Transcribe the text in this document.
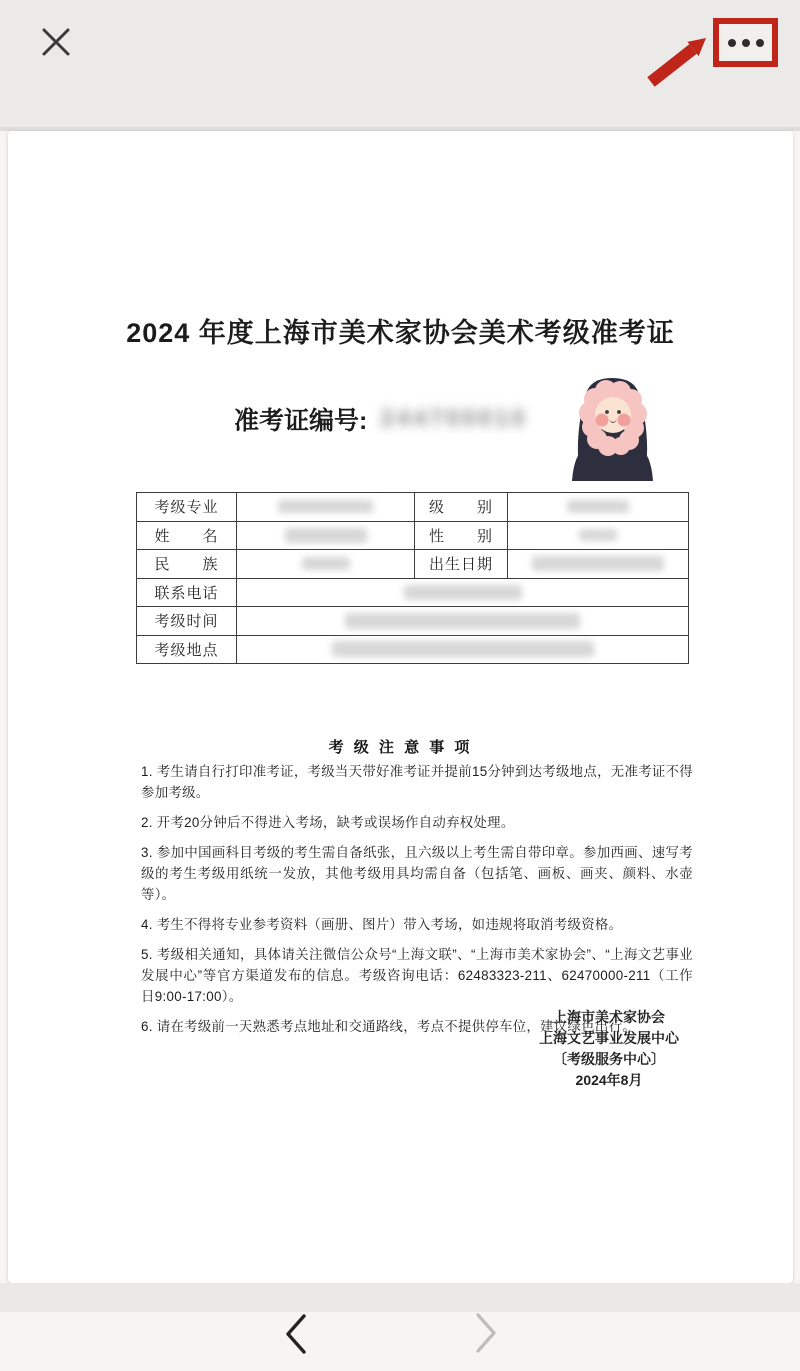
2024 年度上海市美术家协会美术考级准考证
准考证编号: 244700010
考级专业		级　　别	

姓　　名		性　　别	

民　　族		出生日期	

联系电话			

考级时间			

考级地点			
考 级 注 意 事 项

1. 考生请自行打印准考证，考级当天带好准考证并提前15分钟到达考级地点，无准考证不得参加考级。

2. 开考20分钟后不得进入考场，缺考或误场作自动弃权处理。

3. 参加中国画科目考级的考生需自备纸张，且六级以上考生需自带印章。参加西画、速写考级的考生考级用纸统一发放，其他考级用具均需自备（包括笔、画板、画夹、颜料、水壶等）。

4. 考生不得将专业参考资料（画册、图片）带入考场，如违规将取消考级资格。

5. 考级相关通知，具体请关注微信公众号“上海文联”、“上海市美术家协会”、“上海文艺事业发展中心”等官方渠道发布的信息。考级咨询电话：62483323-211、62470000-211（工作日9:00-17:00）。

6. 请在考级前一天熟悉考点地址和交通路线，考点不提供停车位，建议绿色出行。

上海市美术家协会
上海文艺事业发展中心
〔考级服务中心〕
2024年8月
